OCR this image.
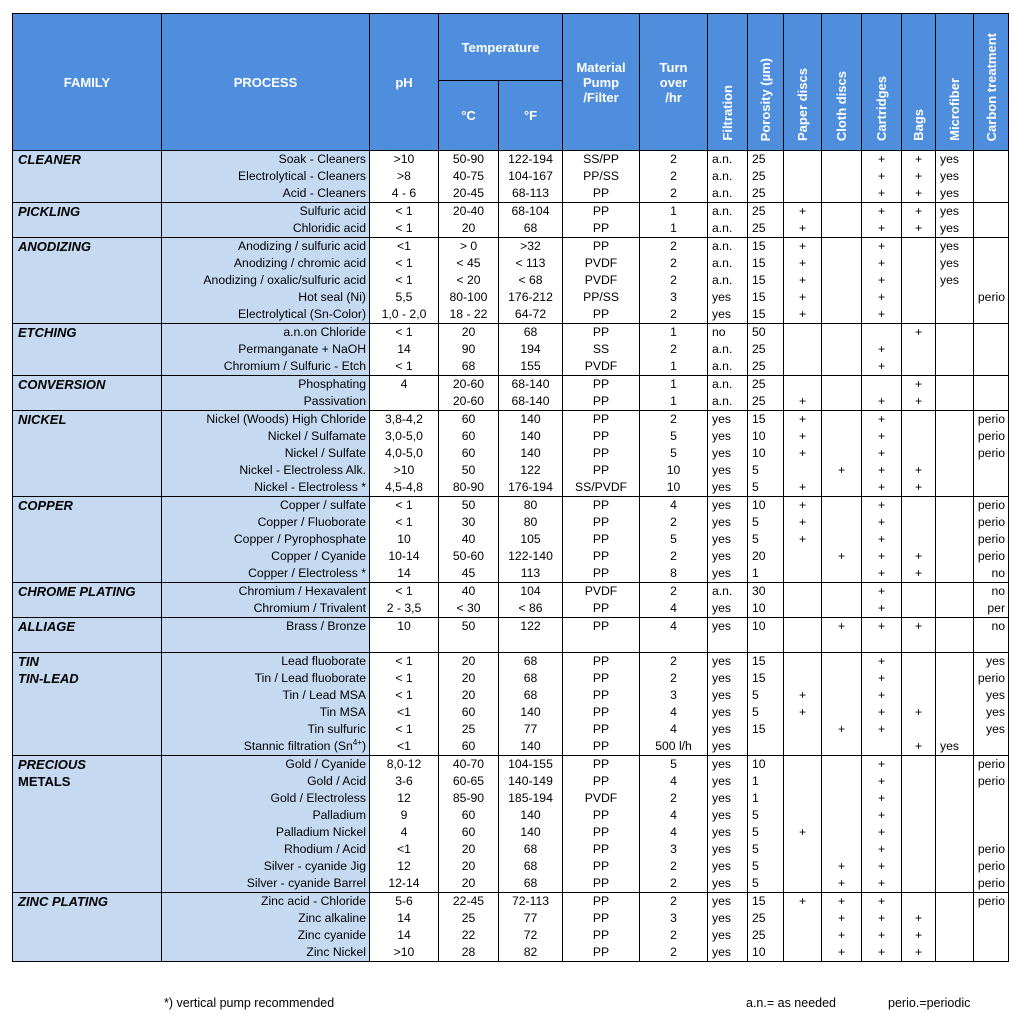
FAMILY	PROCESS	pH	Temperature		Material Pump /Filter	Turn over /hr	Filtration	Porosity (µm)	Paper discs	Cloth discs	Cartridges	Bags	Microfiber	Carbon treatment
			°C	°F										
CLEANER	Soak - Cleaners	>10	50-90	122-194	SS/PP	2	a.n.	25			+	+	yes	
	Electrolytical - Cleaners	>8	40-75	104-167	PP/SS	2	a.n.	25			+	+	yes	
	Acid - Cleaners	4 - 6	20-45	68-113	PP	2	a.n.	25			+	+	yes	
PICKLING	Sulfuric acid	< 1	20-40	68-104	PP	1	a.n.	25	+		+	+	yes	
	Chloridic acid	< 1	20	68	PP	1	a.n.	25	+		+	+	yes	
ANODIZING	Anodizing / sulfuric acid	<1	> 0	>32	PP	2	a.n.	15	+		+		yes	
	Anodizing / chromic acid	< 1	< 45	< 113	PVDF	2	a.n.	15	+		+		yes	
	Anodizing / oxalic/sulfuric acid	< 1	< 20	< 68	PVDF	2	a.n.	15	+		+		yes	
	Hot seal (Ni)	5,5	80-100	176-212	PP/SS	3	yes	15	+		+			perio
	Electrolytical (Sn-Color)	1,0 - 2,0	18 - 22	64-72	PP	2	yes	15	+		+			
ETCHING	a.n.on Chloride	< 1	20	68	PP	1	no	50				+		
	Permanganate + NaOH	14	90	194	SS	2	a.n.	25			+			
	Chromium / Sulfuric - Etch	< 1	68	155	PVDF	1	a.n.	25			+			
CONVERSION	Phosphating	4	20-60	68-140	PP	1	a.n.	25				+		
	Passivation		20-60	68-140	PP	1	a.n.	25	+		+	+		
NICKEL	Nickel (Woods) High Chloride	3,8-4,2	60	140	PP	2	yes	15	+		+			perio
	Nickel / Sulfamate	3,0-5,0	60	140	PP	5	yes	10	+		+			perio
	Nickel / Sulfate	4,0-5,0	60	140	PP	5	yes	10	+		+			perio
	Nickel - Electroless Alk.	>10	50	122	PP	10	yes	5		+	+	+		
	Nickel - Electroless *	4,5-4,8	80-90	176-194	SS/PVDF	10	yes	5	+		+	+		
COPPER	Copper / sulfate	< 1	50	80	PP	4	yes	10	+		+			perio
	Copper / Fluoborate	< 1	30	80	PP	2	yes	5	+		+			perio
	Copper / Pyrophosphate	10	40	105	PP	5	yes	5	+		+			perio
	Copper / Cyanide	10-14	50-60	122-140	PP	2	yes	20		+	+	+		perio
	Copper / Electroless *	14	45	113	PP	8	yes	1			+	+		no
CHROME PLATING	Chromium / Hexavalent	< 1	40	104	PVDF	2	a.n.	30			+			no
	Chromium / Trivalent	2 - 3,5	< 30	< 86	PP	4	yes	10			+			per
ALLIAGE	Brass / Bronze	10	50	122	PP	4	yes	10		+	+	+		no

TIN	Lead fluoborate	< 1	20	68	PP	2	yes	15			+			yes
TIN-LEAD	Tin / Lead fluoborate	< 1	20	68	PP	2	yes	15			+			perio
	Tin / Lead MSA	< 1	20	68	PP	3	yes	5	+		+			yes
	Tin MSA	<1	60	140	PP	4	yes	5	+		+	+		yes
	Tin sulfuric	< 1	25	77	PP	4	yes	15		+	+			yes
	Stannic filtration $(Sn^{4+})$	<1	60	140	PP	500 l/h	yes					+	yes	
PRECIOUS	Gold / Cyanide	8,0-12	40-70	104-155	PP	5	yes	10			+			perio
METALS	Gold / Acid	3-6	60-65	140-149	PP	4	yes	1			+			perio
	Gold / Electroless	12	85-90	185-194	PVDF	2	yes	1			+			
	Palladium	9	60	140	PP	4	yes	5			+			
	Palladium Nickel	4	60	140	PP	4	yes	5	+		+			
	Rhodium / Acid	<1	20	68	PP	3	yes	5			+			perio
	Silver - cyanide Jig	12	20	68	PP	2	yes	5		+	+			perio
	Silver - cyanide Barrel	12-14	20	68	PP	2	yes	5		+	+			perio
ZINC PLATING	Zinc acid - Chloride	5-6	22-45	72-113	PP	2	yes	15	+	+	+			perio
	Zinc alkaline	14	25	77	PP	3	yes	25		+	+	+		
	Zinc cyanide	14	22	72	PP	2	yes	25		+	+	+		
	Zinc Nickel	>10	28	82	PP	2	yes	10		+	+	+		
*) vertical pump recommended	a.n.= as needed	perio.=periodic
